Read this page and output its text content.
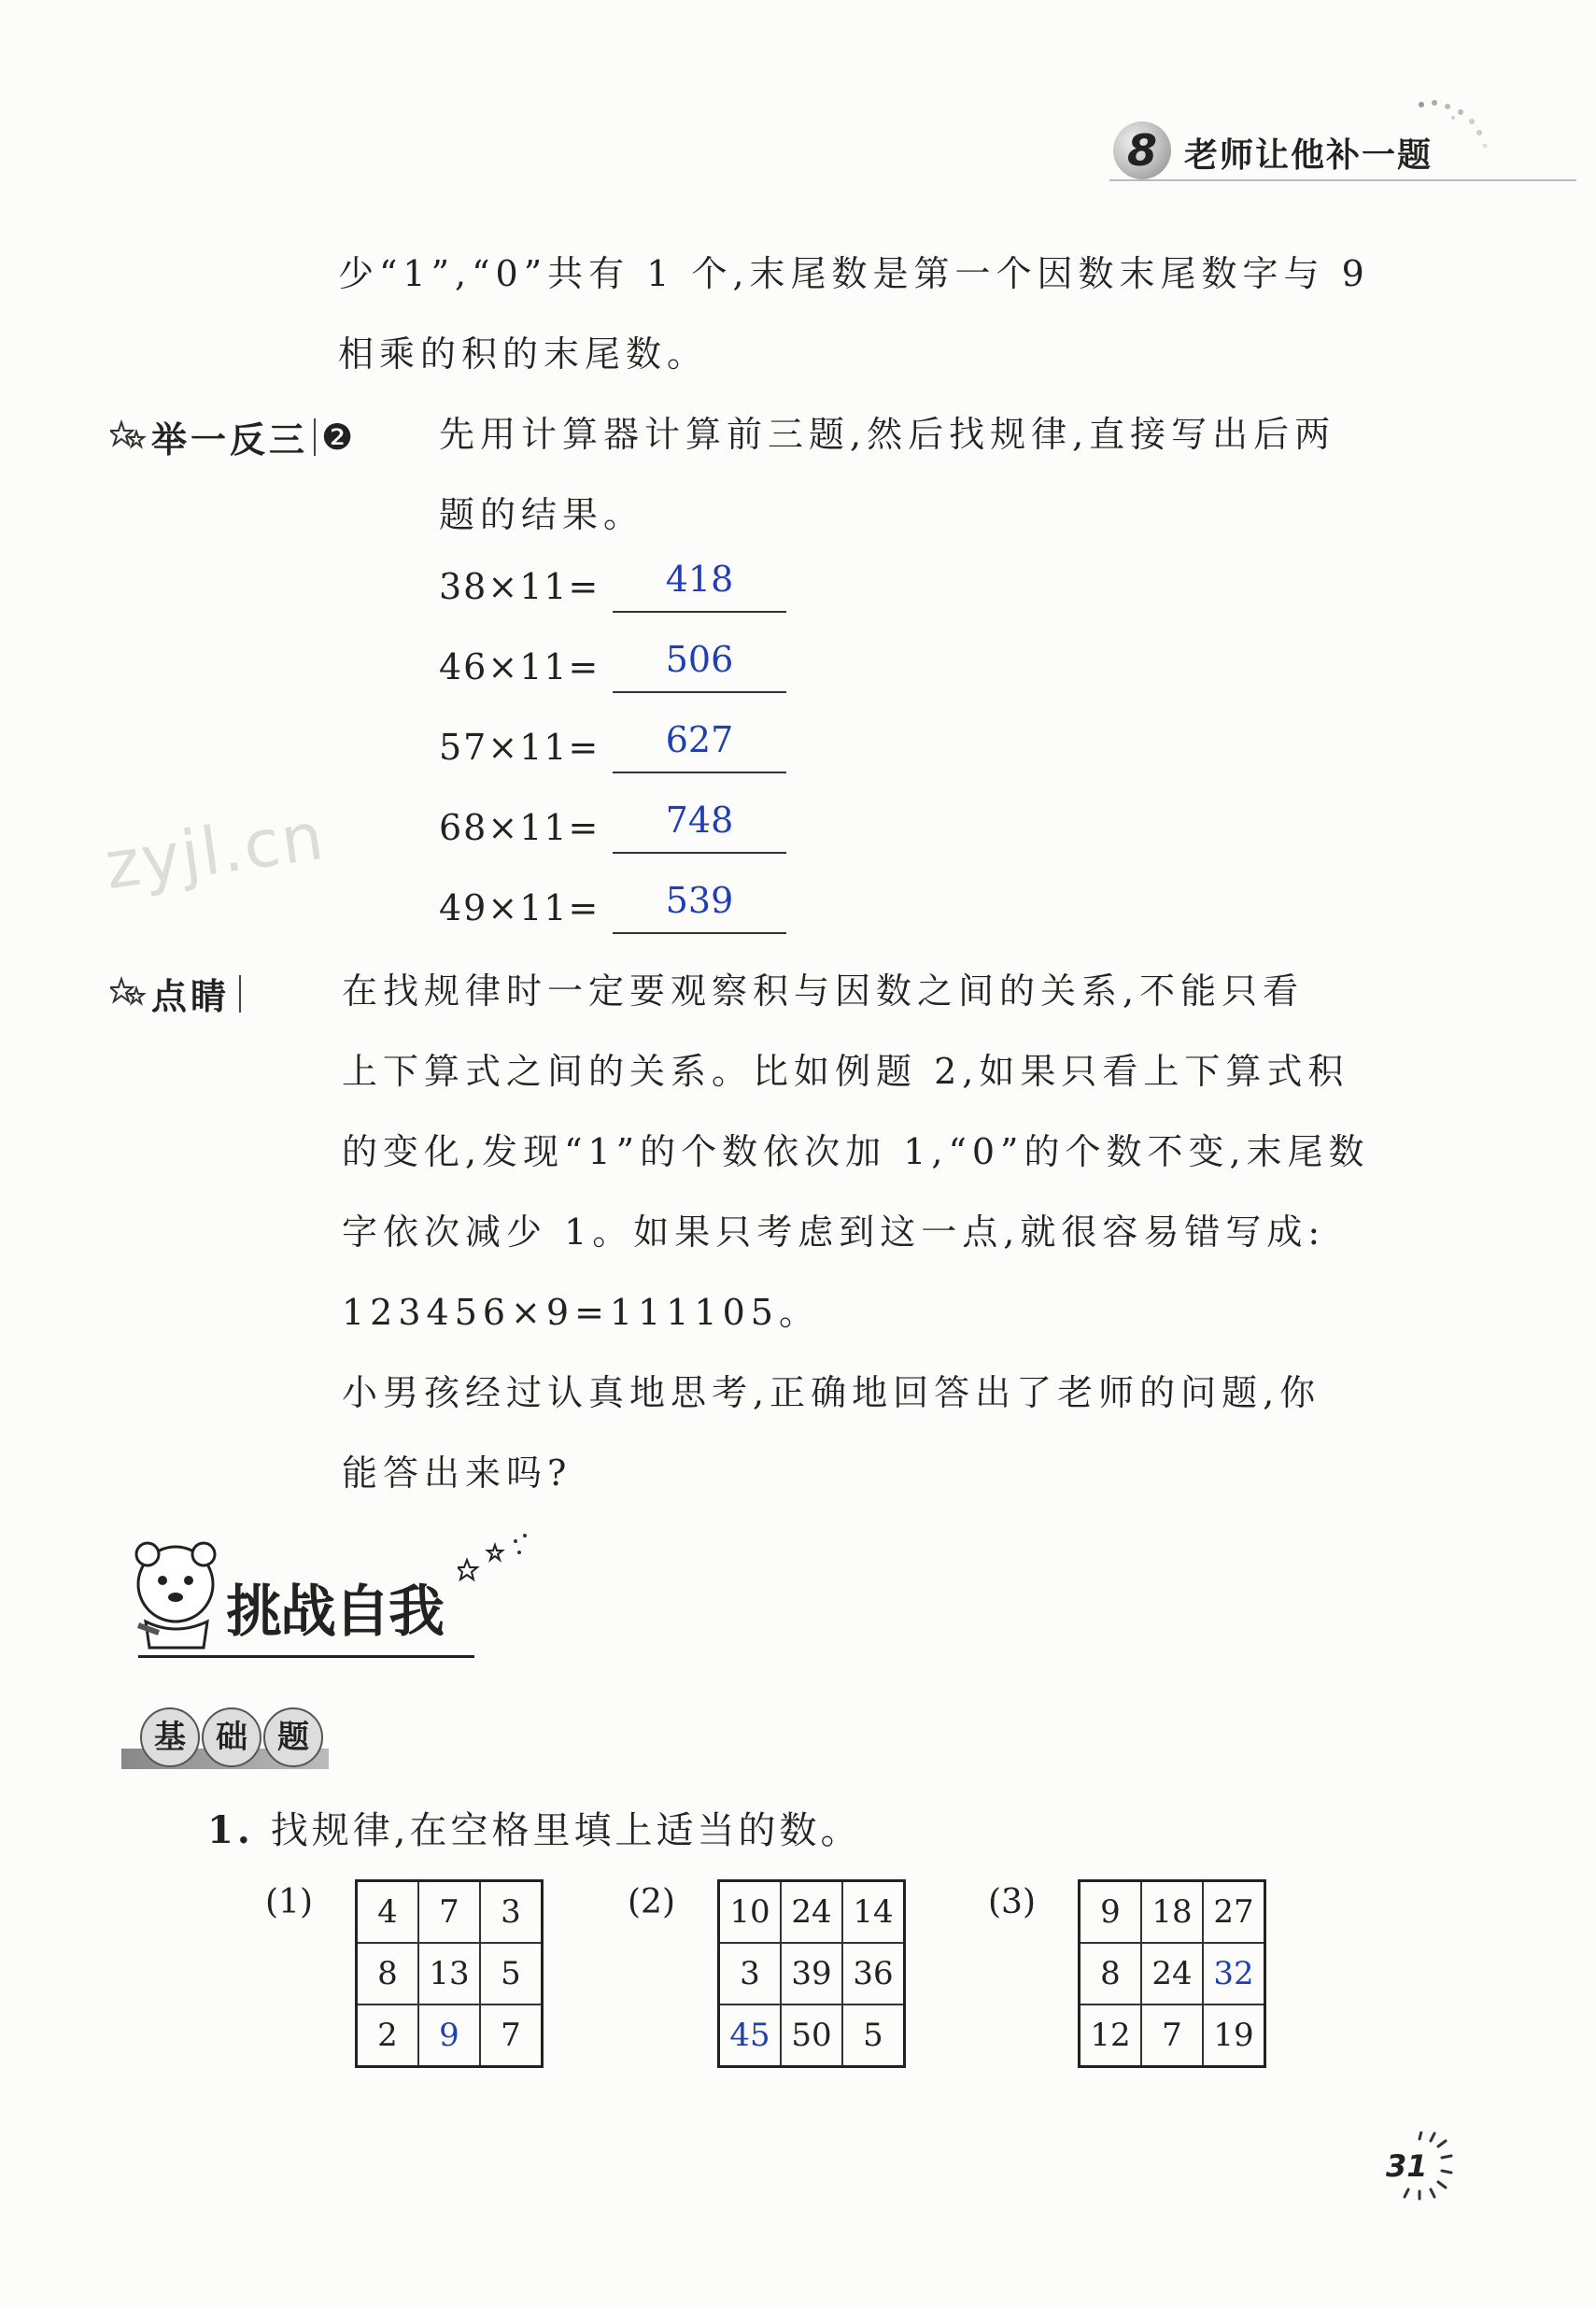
8 老师让他补一题
少“1”,“0”共有 1 个,末尾数是第一个因数末尾数字与 9
相乘的积的末尾数。
举一反三 ❷ 先用计算器计算前三题,然后找规律,直接写出后两
题的结果。
38×11=	418
46×11=	506
57×11=	627
68×11=	748
49×11=	539
zyjl.cn
点睛	在找规律时一定要观察积与因数之间的关系,不能只看
上下算式之间的关系。比如例题 2,如果只看上下算式积
的变化,发现“1”的个数依次加 1,“0”的个数不变,末尾数
字依次减少 1。如果只考虑到这一点,就很容易错写成:
123456×9=111105。
小男孩经过认真地思考,正确地回答出了老师的问题,你
能答出来吗?
挑战自我
基 础 题
1. 找规律,在空格里填上适当的数。
(1) 4	7	3
8	13	5
2	9	7
(2) 10	24	14
3	39	36
45	50	5
(3) 9	18	27
8	24	32
12	7	19
31
